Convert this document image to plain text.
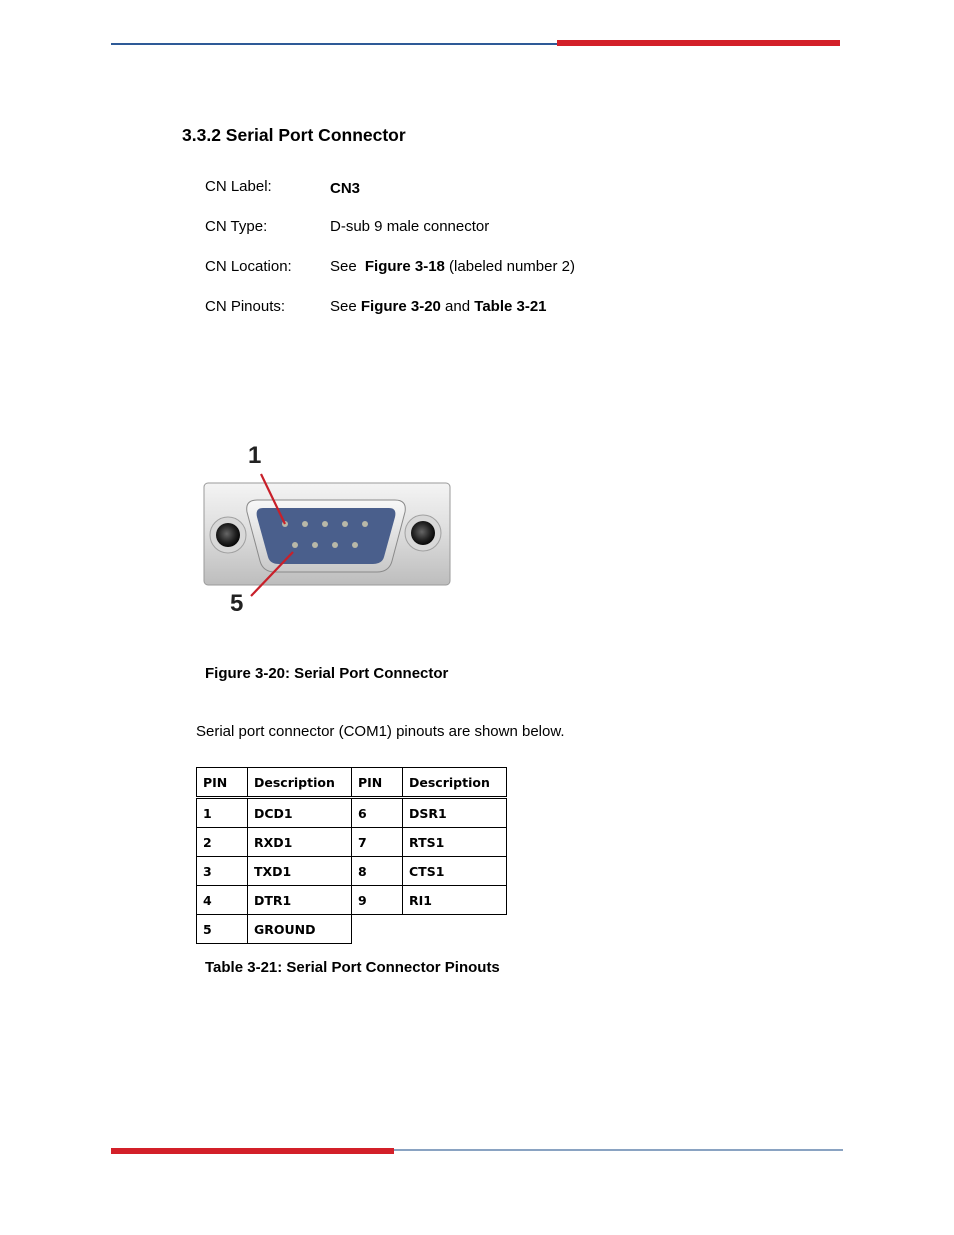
3.3.2 Serial Port Connector
CN Label:	CN3
CN Type:	D-sub 9 male connector
CN Location:	See Figure 3-18 (labeled number 2)
CN Pinouts:	See Figure 3-20 and Table 3-21
1
5
Figure 3-20: Serial Port Connector
Serial port connector (COM1) pinouts are shown below.
PIN	Description	PIN	Description
1	DCD1	6	DSR1
2	RXD1	7	RTS1
3	TXD1	8	CTS1
4	DTR1	9	RI1
5	GROUND
Table 3-21: Serial Port Connector Pinouts
